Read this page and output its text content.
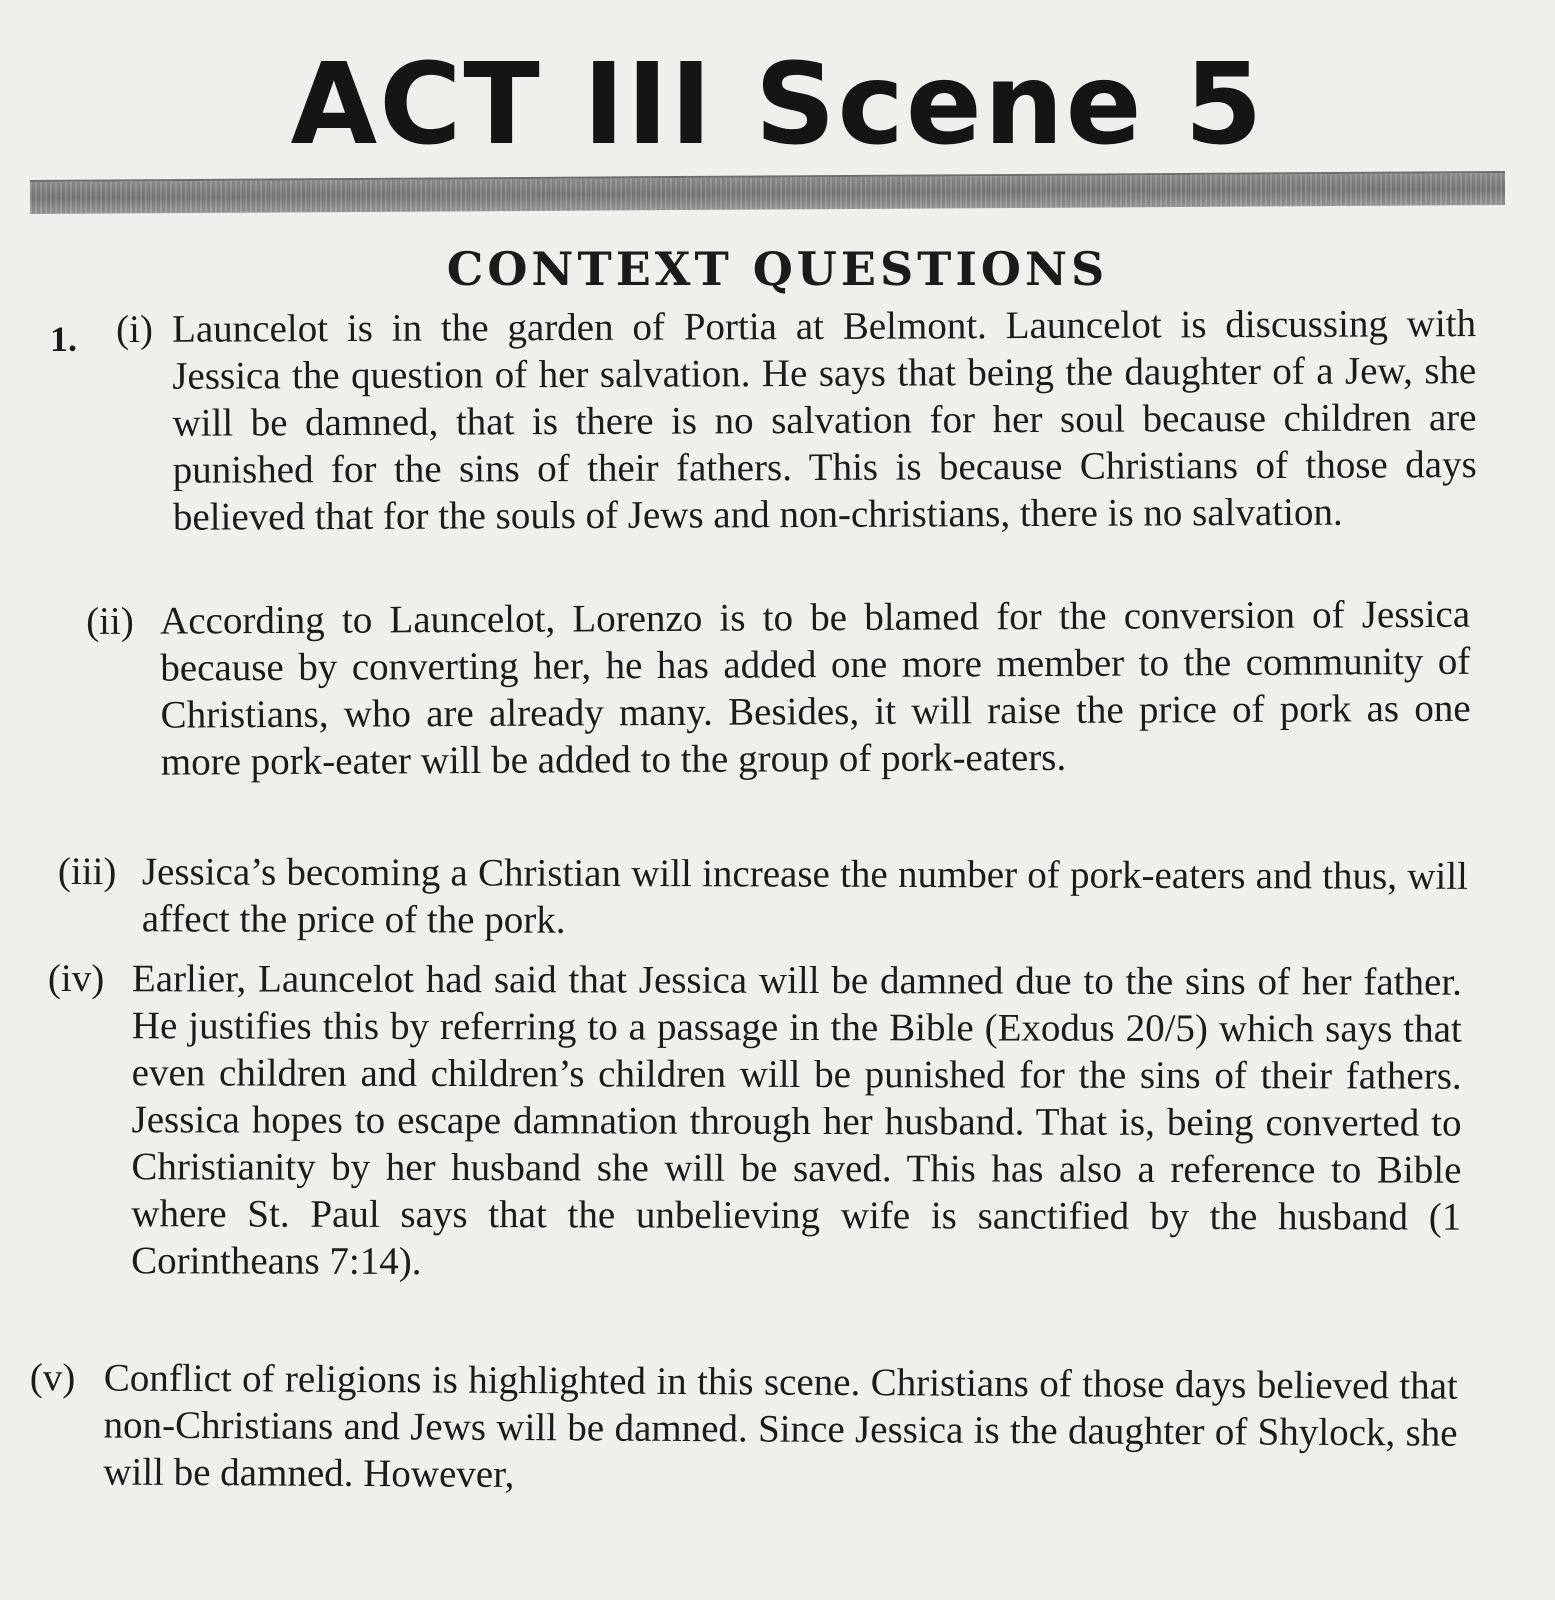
ACT III Scene 5
CONTEXT QUESTIONS
1. (i) Launcelot is in the garden of Portia at Belmont. Launcelot is discussing with Jessica the question of her salvation. He says that being the daughter of a Jew, she will be damned, that is there is no salvation for her soul because children are punished for the sins of their fathers. This is because Christians of those days believed that for the souls of Jews and non-christians, there is no salvation.
(ii) According to Launcelot, Lorenzo is to be blamed for the conversion of Jessica because by converting her, he has added one more member to the community of Christians, who are already many. Besides, it will raise the price of pork as one more pork-eater will be added to the group of pork-eaters.
(iii) Jessica’s becoming a Christian will increase the number of pork-eaters and thus, will affect the price of the pork.
(iv) Earlier, Launcelot had said that Jessica will be damned due to the sins of her father. He justifies this by referring to a passage in the Bible (Exodus 20/5) which says that even children and children’s children will be punished for the sins of their fathers. Jessica hopes to escape damnation through her husband. That is, being converted to Christianity by her husband she will be saved. This has also a reference to Bible where St. Paul says that the unbelieving wife is sanctified by the husband (1 Corintheans 7:14).
(v) Conflict of religions is highlighted in this scene. Christians of those days believed that non-Christians and Jews will be damned. Since Jessica is the daughter of Shylock, she will be damned. However,
